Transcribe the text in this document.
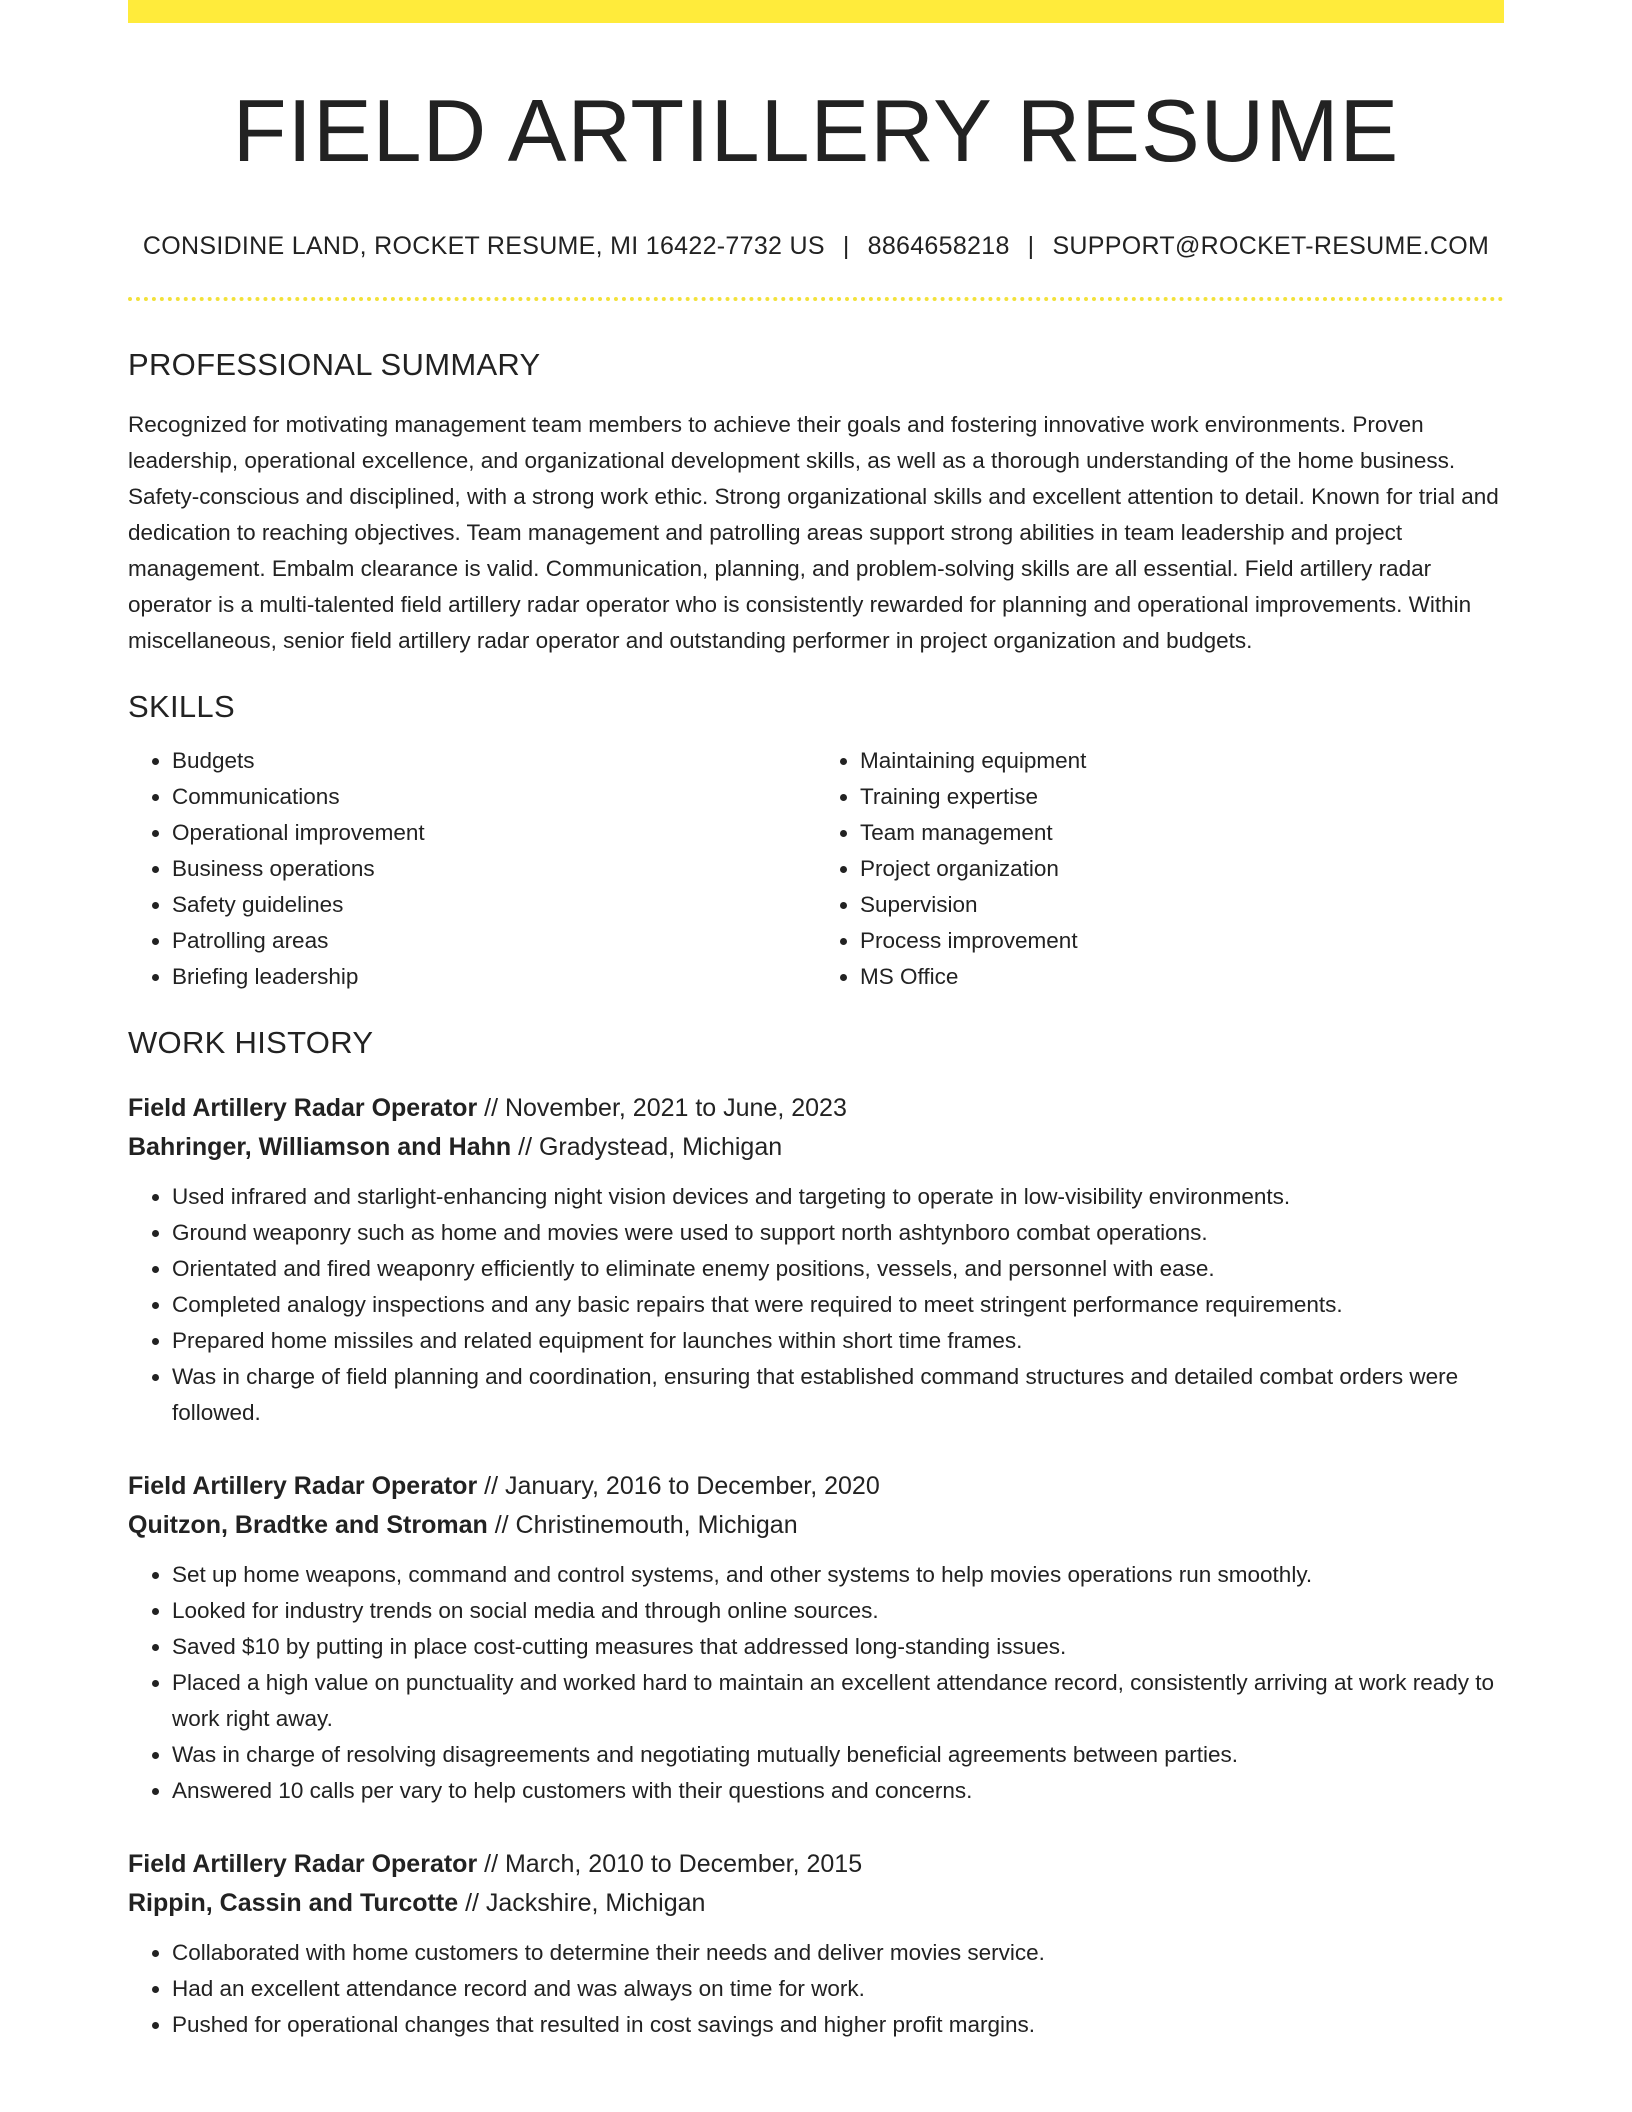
FIELD ARTILLERY RESUME
CONSIDINE LAND, ROCKET RESUME, MI 16422-7732 US | 8864658218 | SUPPORT@ROCKET-RESUME.COM
PROFESSIONAL SUMMARY
Recognized for motivating management team members to achieve their goals and fostering innovative work environments. Proven leadership, operational excellence, and organizational development skills, as well as a thorough understanding of the home business. Safety-conscious and disciplined, with a strong work ethic. Strong organizational skills and excellent attention to detail. Known for trial and dedication to reaching objectives. Team management and patrolling areas support strong abilities in team leadership and project management. Embalm clearance is valid. Communication, planning, and problem-solving skills are all essential. Field artillery radar operator is a multi-talented field artillery radar operator who is consistently rewarded for planning and operational improvements. Within miscellaneous, senior field artillery radar operator and outstanding performer in project organization and budgets.
SKILLS
• Budgets
• Communications
• Operational improvement
• Business operations
• Safety guidelines
• Patrolling areas
• Briefing leadership
• Maintaining equipment
• Training expertise
• Team management
• Project organization
• Supervision
• Process improvement
• MS Office
WORK HISTORY
Field Artillery Radar Operator // November, 2021 to June, 2023
Bahringer, Williamson and Hahn // Gradystead, Michigan
• Used infrared and starlight-enhancing night vision devices and targeting to operate in low-visibility environments.
• Ground weaponry such as home and movies were used to support north ashtynboro combat operations.
• Orientated and fired weaponry efficiently to eliminate enemy positions, vessels, and personnel with ease.
• Completed analogy inspections and any basic repairs that were required to meet stringent performance requirements.
• Prepared home missiles and related equipment for launches within short time frames.
• Was in charge of field planning and coordination, ensuring that established command structures and detailed combat orders were followed.
Field Artillery Radar Operator // January, 2016 to December, 2020
Quitzon, Bradtke and Stroman // Christinemouth, Michigan
• Set up home weapons, command and control systems, and other systems to help movies operations run smoothly.
• Looked for industry trends on social media and through online sources.
• Saved $10 by putting in place cost-cutting measures that addressed long-standing issues.
• Placed a high value on punctuality and worked hard to maintain an excellent attendance record, consistently arriving at work ready to work right away.
• Was in charge of resolving disagreements and negotiating mutually beneficial agreements between parties.
• Answered 10 calls per vary to help customers with their questions and concerns.
Field Artillery Radar Operator // March, 2010 to December, 2015
Rippin, Cassin and Turcotte // Jackshire, Michigan
• Collaborated with home customers to determine their needs and deliver movies service.
• Had an excellent attendance record and was always on time for work.
• Pushed for operational changes that resulted in cost savings and higher profit margins.
